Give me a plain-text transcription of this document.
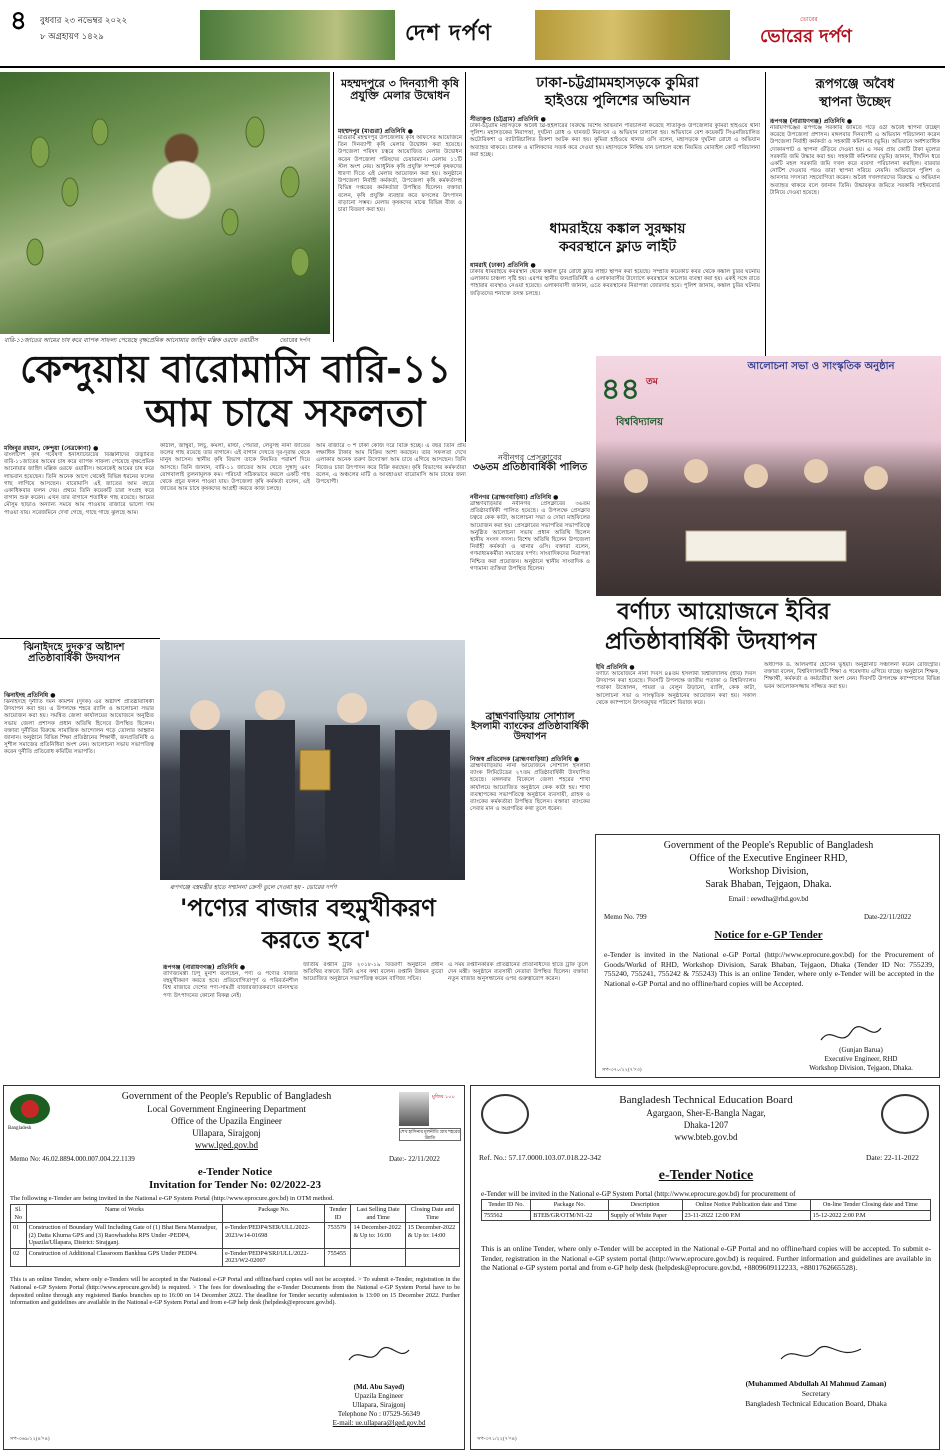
৪ বুধবার ২৩ নভেম্বর ২০২২
৮ অগ্রহায়ণ ১৪২৯	দেশ দর্পণ
ভোরের
ভোরের দর্পণ
বারি-১১জাতের আমের চাষ করে ব্যাপক সাফল্য পেয়েছে বৃক্ষপ্রেমিক আনোয়ার জাহিদ মল্লিক ওরফে ওয়ারীস	ভোরের দর্পণ
কেন্দুয়ায় বারোমাসি বারি-১১
আম চাষে সফলতা
মজিবুর রহমান, কেন্দুয়া (নেত্রকোণা) ●
বাংলাদেশ কৃষি গবেষণা ইনস্টিটিউটের বিজ্ঞানীদের উদ্ভাবিত বারি-১১জাতের আমের চাষ করে ব্যাপক সাফল্য পেয়েছে বৃক্ষপ্রেমিক আনোয়ার জাহিদ মল্লিক ওরফে ওয়ারীস। অনেকেই আমের চাষ করে লাভবান হয়েছেন। তিনি অনেক আগে থেকেই বিভিন্ন ধরনের ফলের গাছ লাগিয়ে আসছেন। বারোমাসি এই জাতের আম বছরে একাধিকবার ফলন দেয়। প্রথমে তিনি কয়েকটি চারা সংগ্রহ করে বাগান শুরু করেন। এখন তার বাগানে শতাধিক গাছ রয়েছে। আমের মৌসুম ছাড়াও অন্যান্য সময়ে আম পাওয়ায় বাজারে ভালো দাম পাওয়া যায়। সরেজমিনে দেখা গেছে, গাছে গাছে ঝুলছে আম।
কাঠাল, জাম্বুরা, লিচু, কমলা, মাল্টা, পেয়ারা, লেবুসহ নানা জাতের ফলের গাছ রয়েছে তার বাগানে। এই বাগান দেখতে দূর-দূরান্ত থেকে মানুষ আসেন। স্থানীয় কৃষি বিভাগ তাকে নিয়মিত পরামর্শ দিয়ে আসছে। তিনি জানান, বারি-১১ জাতের আম খেতে সুস্বাদু এবং রোগবালাই তুলনামূলক কম। পরিচর্যা সঠিকভাবে করলে একটি গাছ থেকে প্রচুর ফলন পাওয়া যায়। উপজেলা কৃষি কর্মকর্তা বলেন, এই জাতের আম চাষে কৃষকদের আগ্রহী করতে কাজ চলছে।
আম বাজারে ৩ শ টাকা কেজি দরে বিক্রি হচ্ছে। এ বছর তিনি প্রায় লক্ষাধিক টাকার আম বিক্রির আশা করছেন। তার সফলতা দেখে এলাকার অনেক তরুণ উদ্যোক্তা আম চাষে এগিয়ে আসছেন। তিনি নিজেও চারা উৎপাদন করে বিক্রি করছেন। কৃষি বিভাগের কর্মকর্তারা বলেন, এ অঞ্চলের মাটি ও আবহাওয়া বারোমাসি আম চাষের জন্য উপযোগী।
মহম্মদপুরে ৩ দিনব্যাপী কৃষি প্রযুক্তি মেলার উদ্বোধন
মহম্মদপুর (মাগুরা) প্রতিনিধি ●
মাগুরার মহম্মদপুর উপজেলায় কৃষি অফিসের আয়োজনে তিন দিনব্যাপী কৃষি মেলার উদ্বোধন করা হয়েছে। উপজেলা পরিষদ চত্বরে আয়োজিত মেলার উদ্বোধন করেন উপজেলা পরিষদের চেয়ারম্যান। মেলায় ১১টি স্টল অংশ নেয়। আধুনিক কৃষি প্রযুক্তি সম্পর্কে কৃষকদের ধারণা দিতে এই মেলার আয়োজন করা হয়। অনুষ্ঠানে উপজেলা নির্বাহী কর্মকর্তা, উপজেলা কৃষি কর্মকর্তাসহ বিভিন্ন দপ্তরের কর্মকর্তারা উপস্থিত ছিলেন। বক্তারা বলেন, কৃষি প্রযুক্তি ব্যবহার করে ফসলের উৎপাদন বাড়ানো সম্ভব। মেলায় কৃষকদের মাঝে বিভিন্ন বীজ ও চারা বিতরণ করা হয়।
নবীনগর প্রেসক্লাবের
৩৬তম প্রতিষ্ঠাবার্ষিকী পালিত
নবীনগর (ব্রাহ্মণবাড়িয়া) প্রতিনিধি ●
ব্রাহ্মণবাড়িয়ার নবীনগর প্রেসক্লাবের ৩৬তম প্রতিষ্ঠাবার্ষিকী পালিত হয়েছে। এ উপলক্ষে প্রেসক্লাব চত্বরে কেক কাটা, আলোচনা সভা ও দোয়া মাহফিলের আয়োজন করা হয়। প্রেসক্লাবের সভাপতির সভাপতিত্বে অনুষ্ঠিত আলোচনা সভায় প্রধান অতিথি ছিলেন স্থানীয় সংসদ সদস্য। বিশেষ অতিথি ছিলেন উপজেলা নির্বাহী কর্মকর্তা ও থানার ওসি। বক্তারা বলেন, গণমাধ্যমকর্মীরা সমাজের দর্পণ। সাংবাদিকদের নিরাপত্তা নিশ্চিত করা প্রয়োজন। অনুষ্ঠানে স্থানীয় সাংবাদিক ও গণ্যমান্য ব্যক্তিরা উপস্থিত ছিলেন।
ঝিনাইদহে দুদক'র অষ্টাদশ প্রতিষ্ঠাবার্ষিকী উদযাপন
ঝিনাইদহ প্রতিনিধি ●
ঝিনাইদহে দুর্নীতি দমন কমিশন (দুদক) এর অষ্টাদশ প্রতিষ্ঠাবার্ষিকী উদযাপন করা হয়। এ উপলক্ষে শহরে র‍্যালি ও আলোচনা সভার আয়োজন করা হয়। সমন্বিত জেলা কার্যালয়ের আয়োজনে অনুষ্ঠিত সভায় জেলা প্রশাসক প্রধান অতিথি হিসেবে উপস্থিত ছিলেন। বক্তারা দুর্নীতির বিরুদ্ধে সামাজিক আন্দোলন গড়ে তোলার আহ্বান জানান। অনুষ্ঠানে বিভিন্ন শিক্ষা প্রতিষ্ঠানের শিক্ষার্থী, জনপ্রতিনিধি ও সুশীল সমাজের প্রতিনিধিরা অংশ নেন। আলোচনা সভায় সভাপতিত্ব করেন দুর্নীতি প্রতিরোধ কমিটির সভাপতি।
রূপগঞ্জে বস্ত্রমন্ত্রীর হাতে সম্মাননা ক্রেস্ট তুলে দেওয়া হয় - ভোরের দর্পণ
'পণ্যের বাজার বহুমুখীকরণ
করতে হবে'
রূপগঞ্জ (নারায়ণগঞ্জ) প্রতিনিধি ●
বাণিজ্যমন্ত্রী টিপু মুনশি বলেছেন, পণ্য ও পণ্যের বাজার বহুমুখীকরণ করতে হবে। প্রতিযোগিতাপূর্ণ ও পরিবর্তনশীল বিশ্ব বাজারে দেশের পণ্য-সামগ্রী বাজারজাতকরণে মানসম্মত পণ্য উৎপাদনের কোনো বিকল্প নেই।
জাতীয় রপ্তানি ট্রফি ২০১৮-১৯ বিতরণী অনুষ্ঠানে প্রধান অতিথির বক্তব্যে তিনি এসব কথা বলেন। রপ্তানি উন্নয়ন ব্যুরো আয়োজিত অনুষ্ঠানে সভাপতিত্ব করেন বাণিজ্য সচিব।
এ সময় রপ্তানিকারক প্রতিষ্ঠানের প্রতিনিধিদের হাতে ট্রফি তুলে দেন মন্ত্রী। অনুষ্ঠানে ব্যবসায়ী নেতারা উপস্থিত ছিলেন। বক্তারা নতুন বাজার অনুসন্ধানের ওপর গুরুত্বারোপ করেন।
ব্রাহ্মণবাড়িয়ায় সোশ্যাল ইসলামী ব্যাংকের প্রতিষ্ঠাবার্ষিকী উদযাপন
নিজস্ব প্রতিবেদক (ব্রাহ্মণবাড়িয়া) প্রতিনিধি ●
ব্রাহ্মণবাড়িয়ায় নানা আয়োজনে সোশ্যাল ইসলামী ব্যাংক লিমিটেডের ২৭তম প্রতিষ্ঠাবার্ষিকী উদযাপিত হয়েছে। মঙ্গলবার বিকেলে জেলা শহরের শাখা কার্যালয়ে আয়োজিত অনুষ্ঠানে কেক কাটা হয়। শাখা ব্যবস্থাপকের সভাপতিত্বে অনুষ্ঠানে ব্যবসায়ী, গ্রাহক ও ব্যাংকের কর্মকর্তারা উপস্থিত ছিলেন। বক্তারা ব্যাংকের সেবার মান ও অগ্রগতির কথা তুলে ধরেন।
ঢাকা-চট্টগ্রামমহাসড়কে কুমিরা
হাইওয়ে পুলিশের অভিযান
সীতাকুণ্ড (চট্টগ্রাম) প্রতিনিধি ●
ঢাকা-চট্টগ্রাম মহাসড়কে অবৈধ থ্রি-হুইলারের বিরুদ্ধে বিশেষ অভিযান পরিচালনা করেছে সীতাকুণ্ড উপজেলার কুমিরা হাইওয়ে থানা পুলিশ। মহাসড়কের নিরাপত্তা, দুর্ঘটনা রোধ ও যানজট নিরসনে এ অভিযান চালানো হয়। অভিযানে বেশ কয়েকটি সিএনজিচালিত অটোরিকশা ও ব্যাটারিচালিত রিকশা আটক করা হয়। কুমিরা হাইওয়ে থানার ওসি বলেন, মহাসড়কে দুর্ঘটনা রোধে এ অভিযান অব্যাহত থাকবে। চালক ও মালিকদের সতর্ক করে দেওয়া হয়। মহাসড়কে নিষিদ্ধ যান চলাচল বন্ধে নিয়মিত মোবাইল কোর্ট পরিচালনা করা হচ্ছে।
ধামরাইয়ে কঙ্কাল সুরক্ষায়
কবরস্থানে ফ্লাড লাইট
ধামরাই (ঢাকা) প্রতিনিধি ●
ঢাকার ধামরাইয়ে কবরস্থান থেকে কঙ্কাল চুরি রোধে ফ্লাড লাইট স্থাপন করা হয়েছে। সম্প্রতি কয়েকটি কবর থেকে কঙ্কাল চুরির ঘটনায় এলাকায় চাঞ্চল্য সৃষ্টি হয়। এরপর স্থানীয় জনপ্রতিনিধি ও এলাকাবাসীর উদ্যোগে কবরস্থানে আলোর ব্যবস্থা করা হয়। একই সঙ্গে রাতে পাহারার ব্যবস্থাও নেওয়া হয়েছে। এলাকাবাসী জানান, এতে কবরস্থানের নিরাপত্তা জোরদার হবে। পুলিশ জানায়, কঙ্কাল চুরির ঘটনায় জড়িতদের শনাক্তে তদন্ত চলছে।
রূপগঞ্জে অবৈধ
স্থাপনা উচ্ছেদ
রূপগঞ্জ (নারায়ণগঞ্জ) প্রতিনিধি ●
নারায়ণগঞ্জের রূপগঞ্জে সরকারি জমিতে গড়ে ওঠা অবৈধ স্থাপনা উচ্ছেদ করেছে উপজেলা প্রশাসন। মঙ্গলবার দিনব্যাপী এ অভিযান পরিচালনা করেন উপজেলা নির্বাহী কর্মকর্তা ও সহকারী কমিশনার (ভূমি)। অভিযানে অর্ধশতাধিক দোকানপাট ও স্থাপনা গুঁড়িয়ে দেওয়া হয়। এ সময় প্রায় কোটি টাকা মূল্যের সরকারি জমি উদ্ধার করা হয়। সহকারী কমিশনার (ভূমি) জানান, দীর্ঘদিন ধরে একটি মহল সরকারি জমি দখল করে ব্যবসা পরিচালনা করছিল। বারবার নোটিশ দেওয়ার পরও তারা স্থাপনা সরিয়ে নেয়নি। অভিযানে পুলিশ ও আনসার সদস্যরা সহযোগিতা করেন। অবৈধ দখলদারদের বিরুদ্ধে এ অভিযান অব্যাহত থাকবে বলে জানান তিনি। উদ্ধারকৃত জমিতে সরকারি সাইনবোর্ড টানিয়ে দেওয়া হয়েছে।
আলোচনা সভা ও সাংস্কৃতিক অনুষ্ঠান
৪৪ তম
বিশ্ববিদ্যালয়
বর্ণাঢ্য আয়োজনে ইবির
প্রতিষ্ঠাবার্ষিকী উদযাপন
ইবি প্রতিনিধি ●
বর্ণাঢ্য আয়োজনে নানা দিবস ৪৪তম ইসলামী বিশ্ববিদ্যালয় (ইবি) দিবস উদযাপন করা হয়েছে। দিবসটি উপলক্ষে জাতীয় পতাকা ও বিশ্ববিদ্যালয় পতাকা উত্তোলন, পায়রা ও বেলুন উড়ানো, র‍্যালি, কেক কাটা, আলোচনা সভা ও সাংস্কৃতিক অনুষ্ঠানের আয়োজন করা হয়। সকাল থেকে ক্যাম্পাসে উৎসবমুখর পরিবেশ বিরাজ করে।
অধ্যাপক ড. আলমগীর হোসেন ভূঁইয়া। অনুষ্ঠানটি সঞ্চালনা করেন রেজিস্ট্রার। বক্তারা বলেন, বিশ্ববিদ্যালয়টি শিক্ষা ও গবেষণায় এগিয়ে যাচ্ছে। অনুষ্ঠানে শিক্ষক, শিক্ষার্থী, কর্মকর্তা ও কর্মচারীরা অংশ নেন। দিবসটি উপলক্ষে ক্যাম্পাসের বিভিন্ন ভবন আলোকসজ্জায় সজ্জিত করা হয়।
Government of the People's Republic of Bangladesh
Office of the Executive Engineer RHD,
Workshop Division,
Sarak Bhaban, Tejgaon, Dhaka.
Email : eewdha@rhd.gov.bd
Memo No. 799	Date-22/11/2022
Notice for e-GP Tender
e-Tender is invited in the National e-GP Portal (http://www.eprocure.gov.bd) for the Procurement of Goods/Workd of RHD, Workshop Division, Sarak Bhaban, Tejgaon, Dhaka (Tender ID No: 755239, 755240, 755241, 755242 & 755243) This is an online Tender, where only e-Tender will be accepted in the National e-GP Portal and no offline/hard copies will be Accepted.
(Gunjan Barua)
Executive Engineer, RHD
Workshop Division, Tejgaon, Dhaka.
সপ-৩৭০/২২(৭'×৩)
Bangladesh
মুজিব ১০০
শেখ হাসিনার মূলনীতি গ্রাম শহরের উন্নতি
Government of the People's Republic of Bangladesh
Local Government Engineering Department
Office of the Upazila Engineer
Ullapara, Sirajgonj
www.lged.gov.bd
Memo No: 46.02.8894.000.007.004.22.1139	Date:- 22/11/2022
e-Tender Notice
Invitation for Tender No: 02/2022-23
The following e-Tender are being invited in the National e-GP System Portal (http://www.eprocure.gov.bd) in OTM method.
Sl. No	Name of Works	Package No.	Tender ID	Last Selling Date and Time	Closing Date and Time
01	Construction of Boundary Wall Including Gate of (1) Bhat Bera Mamudpur, (2) Datta Khurna GPS and (3) Raowhadoha RPS Under -PEDP4, Upazila/Ullapara, District: Sirajganj.	e-Tender/PEDP4/SER/ULL/2022-2023/w14-01698	753579	14 December-2022 & Up to: 16:00	15 December-2022 & Up to: 14:00
02	Construction of Additional Classroom Bankhua GPS Under PEDP4.	e-Tender/PEDP4/SRJ/ULL/2022-2023/W2-02007	755455		
This is an online Tender, where only e-Tenders will be accepted in the National e-GP Portal and offline/hard copies will not be accepted. > To submit e-Tender, registration in the National e-GP System Portal (http://www.eprocure.gov.bd) is required. > The fees for downloading the e-Tender Documents from the National e-GP System Portal have to be deposited online through any registered Banks branches up to 16:00 on 14 December 2022. The deadline for Tender security submission is 13:00 on 15 December 2022. Further information and guidelines are available in the National e-GP System Portal and from e-GP help desk (helpdesk@eprocure.gov.bd).
(Md. Abu Sayed)
Upazila Engineer
Ullapara, Sirajgonj
Telephone No : 07529-56349
E-mail: ue.ullapara@lged.gov.bd
সপ-৩৬৯/২২(৪'×৪)
Bangladesh Technical Education Board
Agargaon, Sher-E-Bangla Nagar,
Dhaka-1207
www.bteb.gov.bd
Ref. No.: 57.17.0000.103.07.018.22-342	Date: 22-11-2022
e-Tender Notice
e-Tender will be invited in the National e-GP System Portal (http://www.eprocure.gov.bd) for procurement of
Tender ID No.	Package No.	Description	Online Notice Publication date and Time	On-line Tender Closing date and Time
755562	BTEB/GR/OTM/N1-22	Supply of White Paper	23-11-2022 12:00 P.M	15-12-2022 2:00 P.M
This is an online Tender, where only e-Tender will be accepted in the National e-GP Portal and no offline/hard copies will be accepted. To submit e-Tender, registration in the National e-GP system portal (http://www.eprocure.gov.bd) is required. Further information and guidelines are available in the National e-GP system portal and from e-GP help desk (helpdesk@eprocure.gov.bd, +8809609112233, +8801762665528).
(Muhammed Abdullah Al Mahmud Zaman)
Secretary
Bangladesh Technical Education Board, Dhaka
সপ-৩৭১/২২(৭'×৪)
